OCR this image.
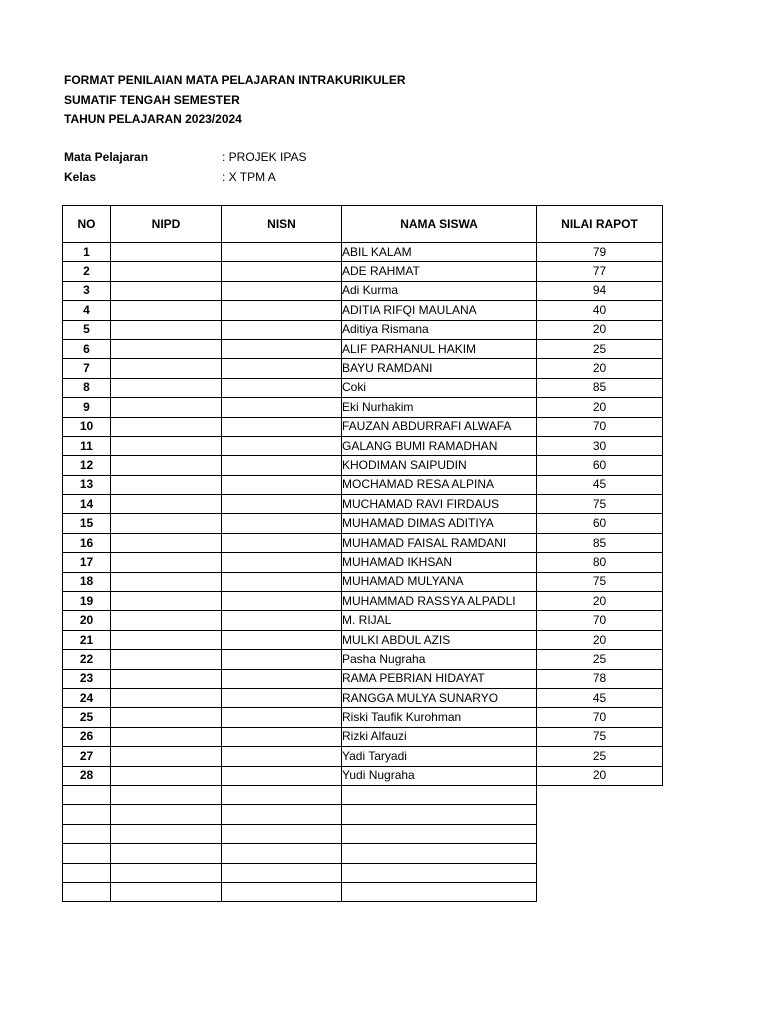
FORMAT PENILAIAN MATA PELAJARAN INTRAKURIKULER
SUMATIF TENGAH SEMESTER
TAHUN PELAJARAN 2023/2024
Mata Pelajaran	: PROJEK IPAS
Kelas	: X TPM A
NO	NIPD	NISN	NAMA SISWA	NILAI RAPOT
1			ABIL KALAM	79
2			ADE RAHMAT	77
3			Adi Kurma	94
4			ADITIA RIFQI MAULANA	40
5			Aditiya Rismana	20
6			ALIF PARHANUL HAKIM	25
7			BAYU RAMDANI	20
8			Coki	85
9			Eki Nurhakim	20
10			FAUZAN ABDURRAFI ALWAFA	70
11			GALANG BUMI RAMADHAN	30
12			KHODIMAN SAIPUDIN	60
13			MOCHAMAD RESA ALPINA	45
14			MUCHAMAD RAVI FIRDAUS	75
15			MUHAMAD DIMAS ADITIYA	60
16			MUHAMAD FAISAL RAMDANI	85
17			MUHAMAD IKHSAN	80
18			MUHAMAD MULYANA	75
19			MUHAMMAD RASSYA ALPADLI	20
20			M. RIJAL	70
21			MULKI ABDUL AZIS	20
22			Pasha Nugraha	25
23			RAMA PEBRIAN HIDAYAT	78
24			RANGGA MULYA SUNARYO	45
25			Riski Taufik Kurohman	70
26			Rizki Alfauzi	75
27			Yadi Taryadi	25
28			Yudi Nugraha	20
